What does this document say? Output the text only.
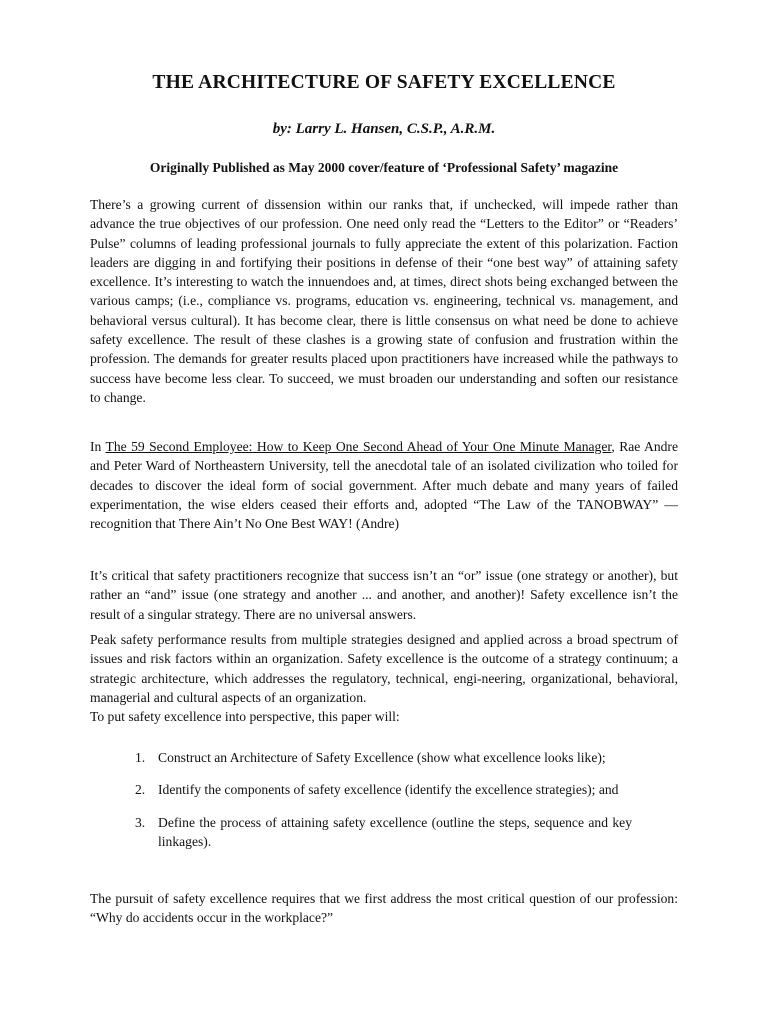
THE ARCHITECTURE OF SAFETY EXCELLENCE
by: Larry L. Hansen, C.S.P., A.R.M.
Originally Published as May 2000 cover/feature of ‘Professional Safety’ magazine

There’s a growing current of dissension within our ranks that, if unchecked, will impede rather than advance the true objectives of our profession. One need only read the “Letters to the Editor” or “Readers’ Pulse” columns of leading professional journals to fully appreciate the extent of this polarization. Faction leaders are digging in and fortifying their positions in defense of their “one best way” of attaining safety excellence. It’s interesting to watch the innuendoes and, at times, direct shots being exchanged between the various camps; (i.e., compliance vs. programs, education vs. engineering, technical vs. management, and behavioral versus cultural). It has become clear, there is little consensus on what need be done to achieve safety excellence. The result of these clashes is a growing state of confusion and frustration within the profession. The demands for greater results placed upon practitioners have increased while the pathways to success have become less clear. To succeed, we must broaden our understanding and soften our resistance to change.

In The 59 Second Employee: How to Keep One Second Ahead of Your One Minute Manager, Rae Andre and Peter Ward of Northeastern University, tell the anecdotal tale of an isolated civilization who toiled for decades to discover the ideal form of social government. After much debate and many years of failed experimentation, the wise elders ceased their efforts and, adopted “The Law of the TANOBWAY” — recognition that There Ain’t No One Best WAY! (Andre)

It’s critical that safety practitioners recognize that success isn’t an “or” issue (one strategy or another), but rather an “and” issue (one strategy and another ... and another, and another)! Safety excellence isn’t the result of a singular strategy. There are no universal answers.

Peak safety performance results from multiple strategies designed and applied across a broad spectrum of issues and risk factors within an organization. Safety excellence is the outcome of a strategy continuum; a strategic architecture, which addresses the regulatory, technical, engi-neering, organizational, behavioral, managerial and cultural aspects of an organization.
To put safety excellence into perspective, this paper will:

1. Construct an Architecture of Safety Excellence (show what excellence looks like);
2. Identify the components of safety excellence (identify the excellence strategies); and
3. Define the process of attaining safety excellence (outline the steps, sequence and key linkages).

The pursuit of safety excellence requires that we first address the most critical question of our profession: “Why do accidents occur in the workplace?”
